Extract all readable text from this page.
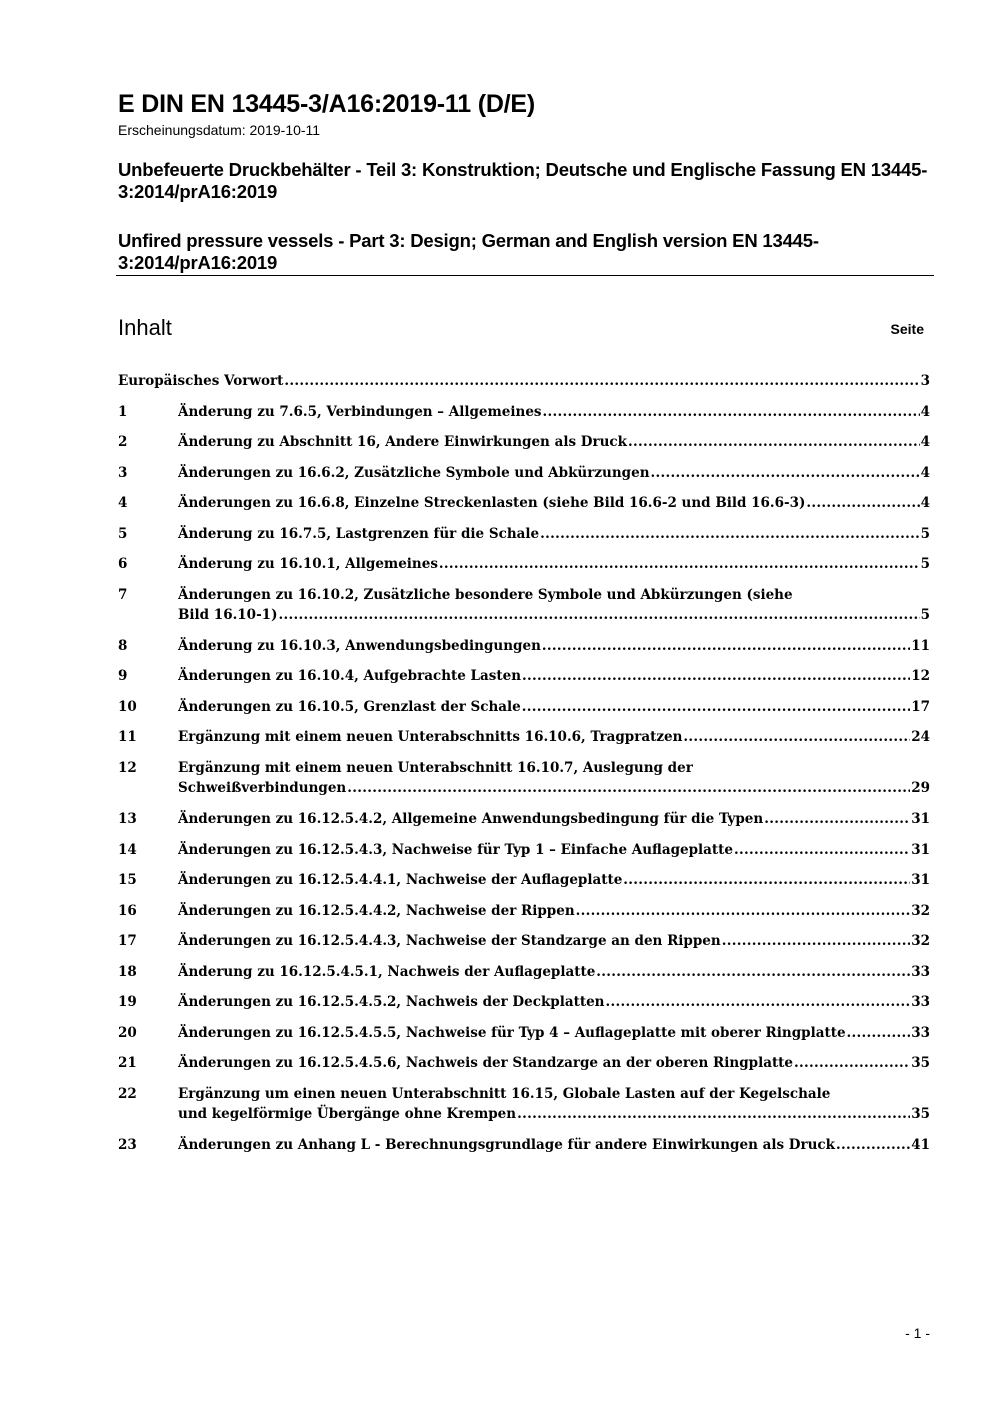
E DIN EN 13445-3/A16:2019-11 (D/E)
Erscheinungsdatum: 2019-10-11
Unbefeuerte Druckbehälter - Teil 3: Konstruktion; Deutsche und Englische Fassung EN 13445-3:2014/prA16:2019
Unfired pressure vessels - Part 3: Design; German and English version EN 13445-3:2014/prA16:2019
Inhalt	Seite
Europäisches Vorwort .....	3
1	Änderung zu 7.6.5, Verbindungen – Allgemeines .....	4
2	Änderung zu Abschnitt 16, Andere Einwirkungen als Druck .....	4
3	Änderungen zu 16.6.2, Zusätzliche Symbole und Abkürzungen .....	4
4	Änderungen zu 16.6.8, Einzelne Streckenlasten (siehe Bild 16.6-2 und Bild 16.6-3) .....	4
5	Änderung zu 16.7.5, Lastgrenzen für die Schale .....	5
6	Änderung zu 16.10.1, Allgemeines .....	5
7	Änderungen zu 16.10.2, Zusätzliche besondere Symbole und Abkürzungen (siehe
Bild 16.10-1) .....	5
8	Änderung zu 16.10.3, Anwendungsbedingungen .....	11
9	Änderungen zu 16.10.4, Aufgebrachte Lasten .....	12
10	Änderungen zu 16.10.5, Grenzlast der Schale .....	17
11	Ergänzung mit einem neuen Unterabschnitts 16.10.6, Tragpratzen .....	24
12	Ergänzung mit einem neuen Unterabschnitt 16.10.7, Auslegung der
Schweißverbindungen .....	29
13	Änderungen zu 16.12.5.4.2, Allgemeine Anwendungsbedingung für die Typen .....	31
14	Änderungen zu 16.12.5.4.3, Nachweise für Typ 1 – Einfache Auflageplatte .....	31
15	Änderungen zu 16.12.5.4.4.1, Nachweise der Auflageplatte .....	31
16	Änderungen zu 16.12.5.4.4.2, Nachweise der Rippen .....	32
17	Änderungen zu 16.12.5.4.4.3, Nachweise der Standzarge an den Rippen .....	32
18	Änderung zu 16.12.5.4.5.1, Nachweis der Auflageplatte .....	33
19	Änderungen zu 16.12.5.4.5.2, Nachweis der Deckplatten .....	33
20	Änderungen zu 16.12.5.4.5.5, Nachweise für Typ 4 – Auflageplatte mit oberer Ringplatte .....	33
21	Änderungen zu 16.12.5.4.5.6, Nachweis der Standzarge an der oberen Ringplatte .....	35
22	Ergänzung um einen neuen Unterabschnitt 16.15, Globale Lasten auf der Kegelschale
und kegelförmige Übergänge ohne Krempen .....	35
23	Änderungen zu Anhang L - Berechnungsgrundlage für andere Einwirkungen als Druck .....	41
- 1 -
